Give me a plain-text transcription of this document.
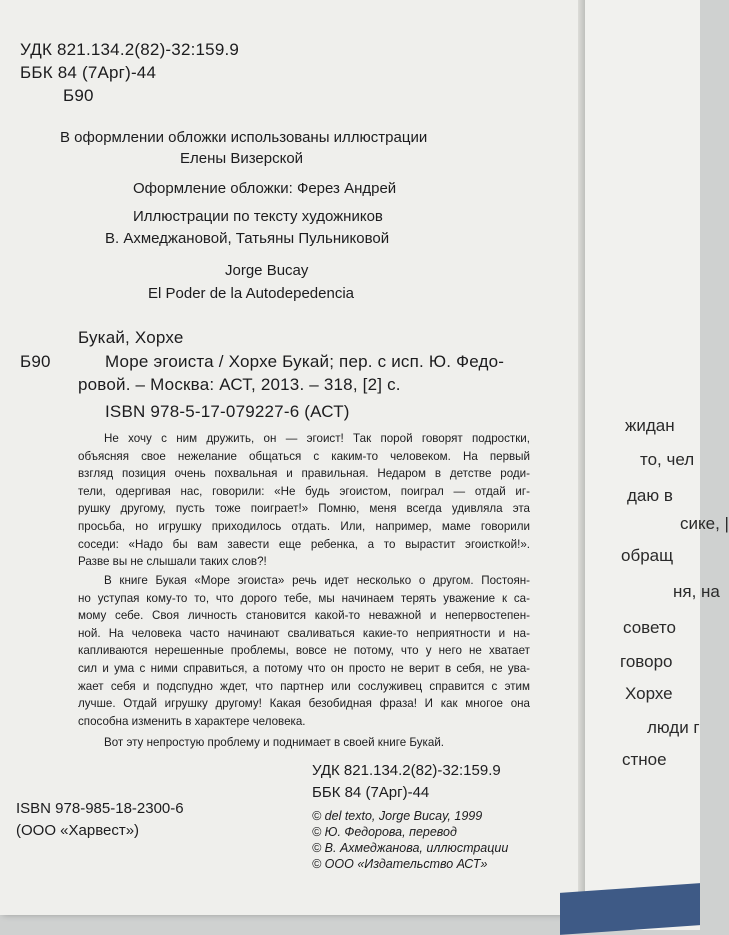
УДК 821.134.2(82)-32:159.9
ББК 84 (7Арг)-44
Б90
В оформлении обложки использованы иллюстрации
Елены Визерской
Оформление обложки: Ферез Андрей
Иллюстрации по тексту художников
В. Ахмеджановой, Татьяны Пульниковой
Jorge Bucay
El Poder de la Autodepedencia
Букай, Хорхе
Б90	Море эгоиста / Хорхе Букай; пер. с исп. Ю. Федо-
ровой. – Москва: АСТ, 2013. – 318, [2] с.
ISBN 978-5-17-079227-6 (АСТ)
Не хочу с ним дружить, он — эгоист! Так порой говорят подростки,
объясняя свое нежелание общаться с каким-то человеком. На первый
взгляд позиция очень похвальная и правильная. Недаром в детстве роди-
тели, одергивая нас, говорили: «Не будь эгоистом, поиграл — отдай иг-
рушку другому, пусть тоже поиграет!» Помню, меня всегда удивляла эта
просьба, но игрушку приходилось отдать. Или, например, маме говорили
соседи: «Надо бы вам завести еще ребенка, а то вырастит эгоисткой!».
Разве вы не слышали таких слов?!
В книге Букая «Море эгоиста» речь идет несколько о другом. Постоян-
но уступая кому-то то, что дорого тебе, мы начинаем терять уважение к са-
мому себе. Своя личность становится какой-то неважной и непервостепен-
ной. На человека часто начинают сваливаться какие-то неприятности и на-
капливаются нерешенные проблемы, вовсе не потому, что у него не хватает
сил и ума с ними справиться, а потому что он просто не верит в себя, не ува-
жает себя и подспудно ждет, что партнер или сослуживец справится с этим
лучше. Отдай игрушку другому! Какая безобидная фраза! И как многое она
способна изменить в характере человека.
Вот эту непростую проблему и поднимает в своей книге Букай.
УДК 821.134.2(82)-32:159.9
ББК 84 (7Арг)-44
ISBN 978-985-18-2300-6
(ООО «Харвест»)
© del texto, Jorge Bucay, 1999
© Ю. Федорова, перевод
© В. Ахмеджанова, иллюстрации
© ООО «Издательство АСТ»
жидан
то, чел
даю в
сике, |
обращ
ня, на
совето
говоро
Хорхе
люди г
стное
